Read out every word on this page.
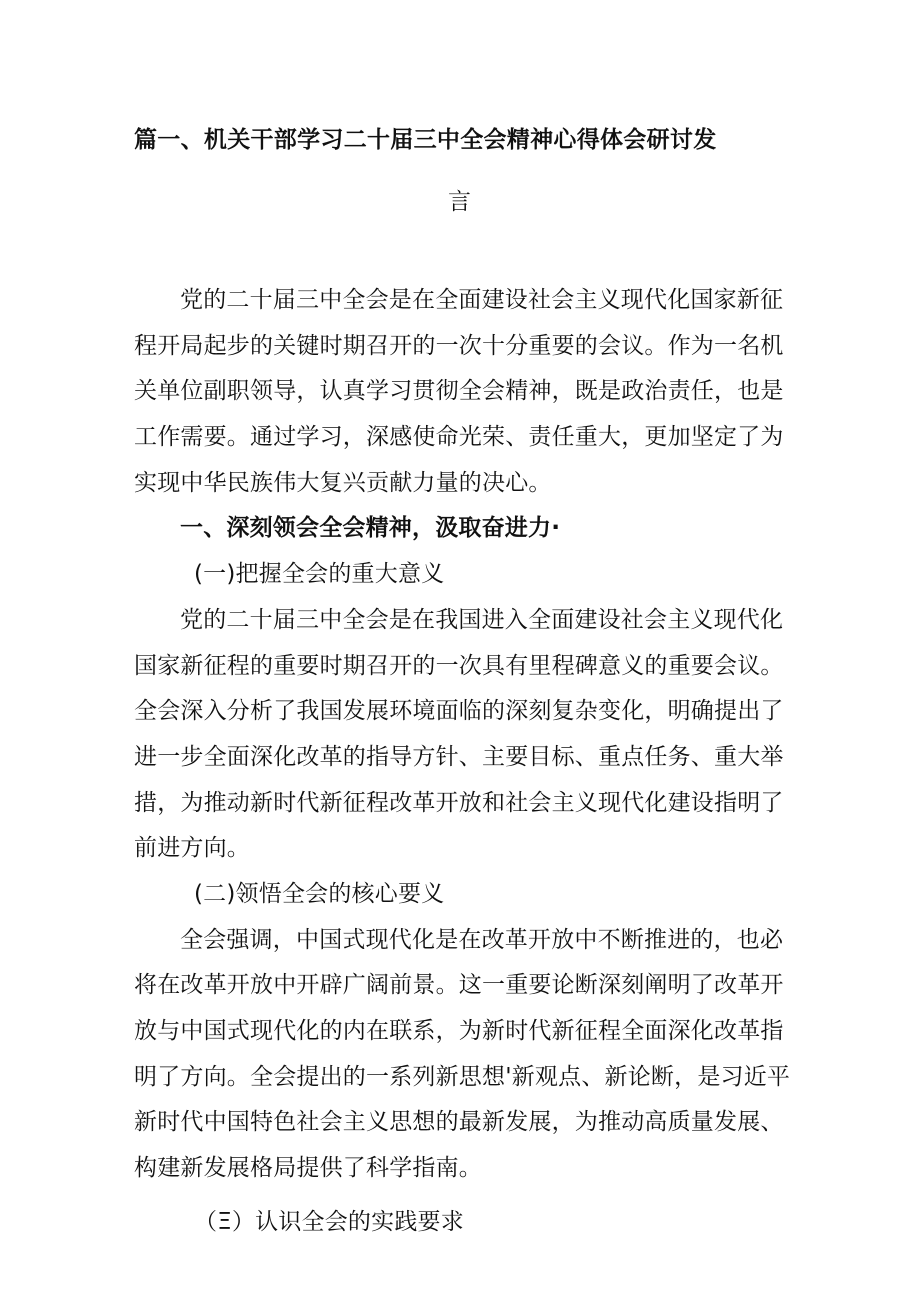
篇一、机关干部学习二十届三中全会精神心得体会研讨发
言
党的二十届三中全会是在全面建设社会主义现代化国家新征
程开局起步的关键时期召开的一次十分重要的会议。作为一名机
关单位副职领导，认真学习贯彻全会精神，既是政治责任，也是
工作需要。通过学习，深感使命光荣、责任重大，更加坚定了为
实现中华民族伟大复兴贡献力量的决心。
一、深刻领会全会精神，汲取奋进力·
(一)把握全会的重大意义
党的二十届三中全会是在我国进入全面建设社会主义现代化
国家新征程的重要时期召开的一次具有里程碑意义的重要会议。
全会深入分析了我国发展环境面临的深刻复杂变化，明确提出了
进一步全面深化改革的指导方针、主要目标、重点任务、重大举
措，为推动新时代新征程改革开放和社会主义现代化建设指明了
前进方向。
(二)领悟全会的核心要义
全会强调，中国式现代化是在改革开放中不断推进的，也必
将在改革开放中开辟广阔前景。这一重要论断深刻阐明了改革开
放与中国式现代化的内在联系，为新时代新征程全面深化改革指
明了方向。全会提出的一系列新思想'新观点、新论断，是习近平
新时代中国特色社会主义思想的最新发展，为推动高质量发展、
构建新发展格局提供了科学指南。
（Ξ）认识全会的实践要求
